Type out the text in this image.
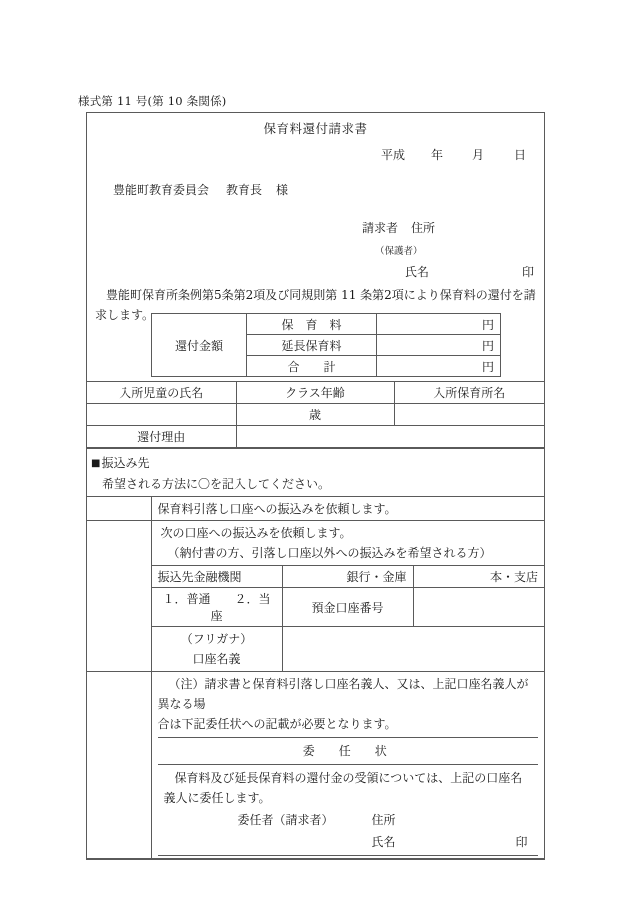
様式第 11 号(第 10 条関係)
保育料還付請求書
平成 年 月	日
豊能町教育委員会 教育長 様
請求者 住所
（保護者）
氏名	印
豊能町保育所条例第5条第2項及び同規則第 11 条第2項により保育料の還付を請求します。
還付金額	保　育　料	円
	延長保育料	円
	合　　計	円
入所児童の氏名	クラス年齢	入所保育所名
	歳	
還付理由		
■振込み先
希望される方法に〇を記入してください。
	保育料引落し口座への振込みを依頼します。

次の口座への振込みを依頼します。
（納付書の方、引落し口座以外への振込みを希望される方）

振込先金融機関	銀行・金庫	本・支店
１．普通　　２．当座	預金口座番号	

（フリガナ）
口座名義

（注）請求書と保育料引落し口座名義人、又は、上記口座名義人が異なる場
合は下記委任状への記載が必要となります。
委　任　状

保育料及び延長保育料の還付金の受領については、上記の口座名義人に委任します。
委任者（請求者）	住所
氏名	印
